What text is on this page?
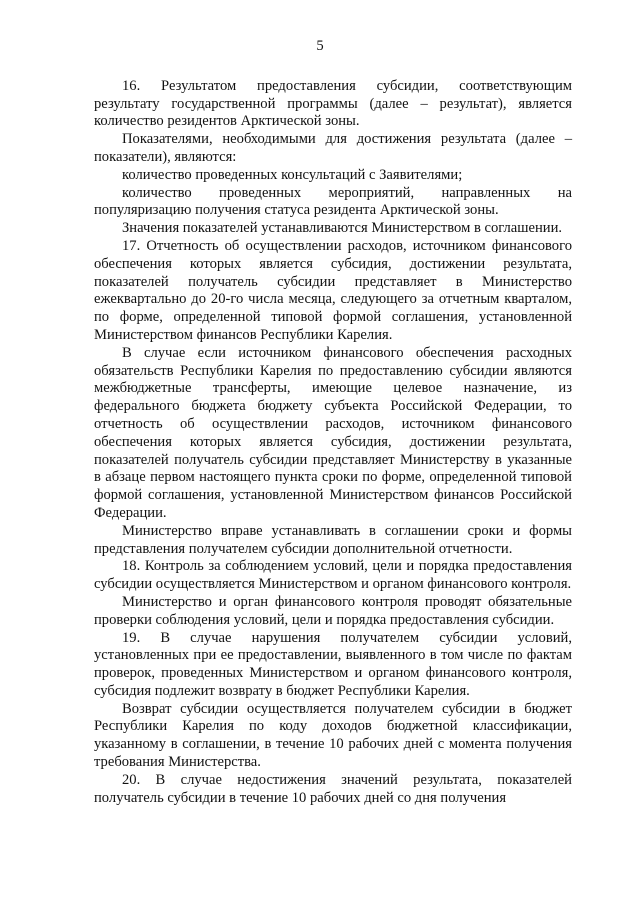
5

16. Результатом предоставления субсидии, соответствующим результату государственной программы (далее – результат), является количество резидентов Арктической зоны.

Показателями, необходимыми для достижения результата (далее – показатели), являются:

количество проведенных консультаций с Заявителями;

количество проведенных мероприятий, направленных на популяризацию получения статуса резидента Арктической зоны.

Значения показателей устанавливаются Министерством в соглашении.

17. Отчетность об осуществлении расходов, источником финансового обеспечения которых является субсидия, достижении результата, показателей получатель субсидии представляет в Министерство ежеквартально до 20-го числа месяца, следующего за отчетным кварталом, по форме, определенной типовой формой соглашения, установленной Министерством финансов Республики Карелия.

В случае если источником финансового обеспечения расходных обязательств Республики Карелия по предоставлению субсидии являются межбюджетные трансферты, имеющие целевое назначение, из федерального бюджета бюджету субъекта Российской Федерации, то отчетность об осуществлении расходов, источником финансового обеспечения которых является субсидия, достижении результата, показателей получатель субсидии представляет Министерству в указанные в абзаце первом настоящего пункта сроки по форме, определенной типовой формой соглашения, установленной Министерством финансов Российской Федерации.

Министерство вправе устанавливать в соглашении сроки и формы представления получателем субсидии дополнительной отчетности.

18. Контроль за соблюдением условий, цели и порядка предоставления субсидии осуществляется Министерством и органом финансового контроля.

Министерство и орган финансового контроля проводят обязательные проверки соблюдения условий, цели и порядка предоставления субсидии.

19. В случае нарушения получателем субсидии условий, установленных при ее предоставлении, выявленного в том числе по фактам проверок, проведенных Министерством и органом финансового контроля, субсидия подлежит возврату в бюджет Республики Карелия.

Возврат субсидии осуществляется получателем субсидии в бюджет Республики Карелия по коду доходов бюджетной классификации, указанному в соглашении, в течение 10 рабочих дней с момента получения требования Министерства.

20. В случае недостижения значений результата, показателей получатель субсидии в течение 10 рабочих дней со дня получения
